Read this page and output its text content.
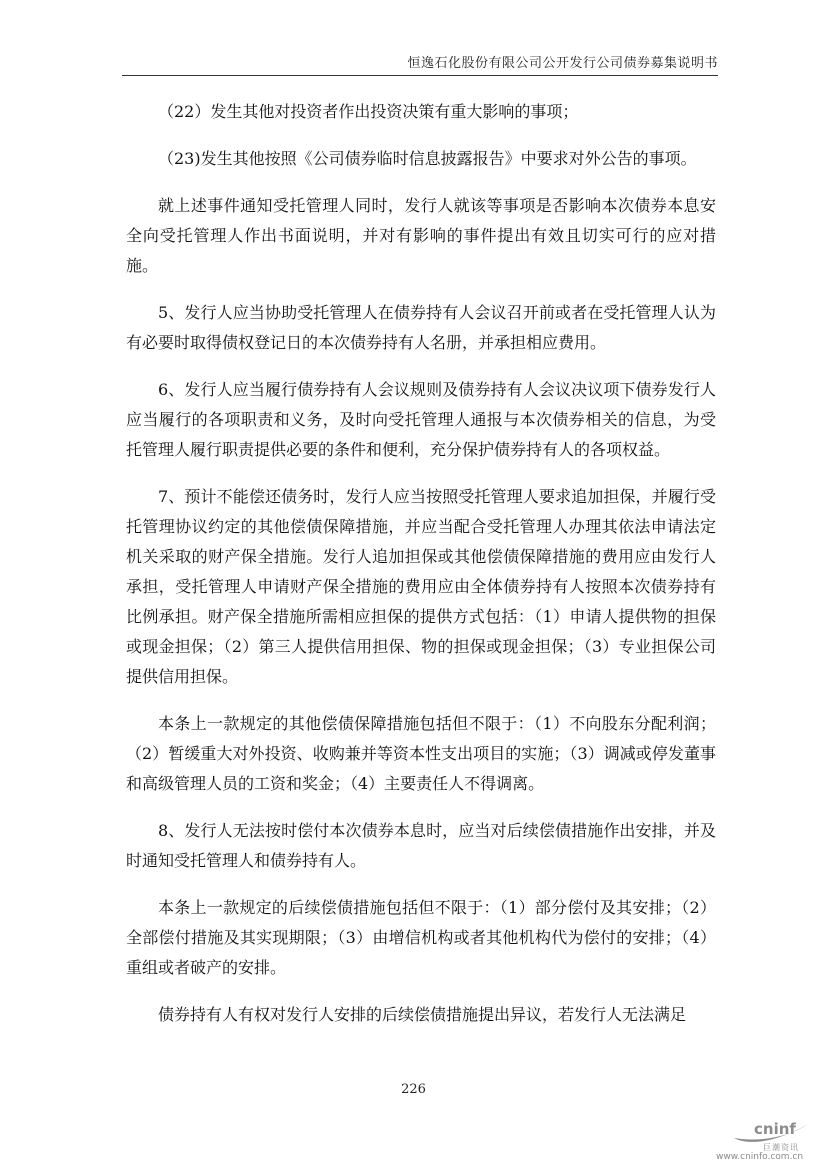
恒逸石化股份有限公司公开发行公司债券募集说明书

（22）发生其他对投资者作出投资决策有重大影响的事项；

（23)发生其他按照《公司债券临时信息披露报告》中要求对外公告的事项。

就上述事件通知受托管理人同时，发行人就该等事项是否影响本次债券本息安全向受托管理人作出书面说明，并对有影响的事件提出有效且切实可行的应对措施。

5、发行人应当协助受托管理人在债券持有人会议召开前或者在受托管理人认为有必要时取得债权登记日的本次债券持有人名册，并承担相应费用。

6、发行人应当履行债券持有人会议规则及债券持有人会议决议项下债券发行人应当履行的各项职责和义务，及时向受托管理人通报与本次债券相关的信息，为受托管理人履行职责提供必要的条件和便利，充分保护债券持有人的各项权益。

7、预计不能偿还债务时，发行人应当按照受托管理人要求追加担保，并履行受托管理协议约定的其他偿债保障措施，并应当配合受托管理人办理其依法申请法定机关采取的财产保全措施。发行人追加担保或其他偿债保障措施的费用应由发行人承担，受托管理人申请财产保全措施的费用应由全体债券持有人按照本次债券持有比例承担。财产保全措施所需相应担保的提供方式包括：（1）申请人提供物的担保或现金担保；（2）第三人提供信用担保、物的担保或现金担保；（3）专业担保公司提供信用担保。

本条上一款规定的其他偿债保障措施包括但不限于：（1）不向股东分配利润；（2）暂缓重大对外投资、收购兼并等资本性支出项目的实施；（3）调减或停发董事和高级管理人员的工资和奖金；（4）主要责任人不得调离。

8、发行人无法按时偿付本次债券本息时，应当对后续偿债措施作出安排，并及时通知受托管理人和债券持有人。

本条上一款规定的后续偿债措施包括但不限于：（1）部分偿付及其安排；（2）全部偿付措施及其实现期限；（3）由增信机构或者其他机构代为偿付的安排；（4）重组或者破产的安排。

债券持有人有权对发行人安排的后续偿债措施提出异议，若发行人无法满足

226
cninf
巨潮资讯
www.cninfo.com.cn
